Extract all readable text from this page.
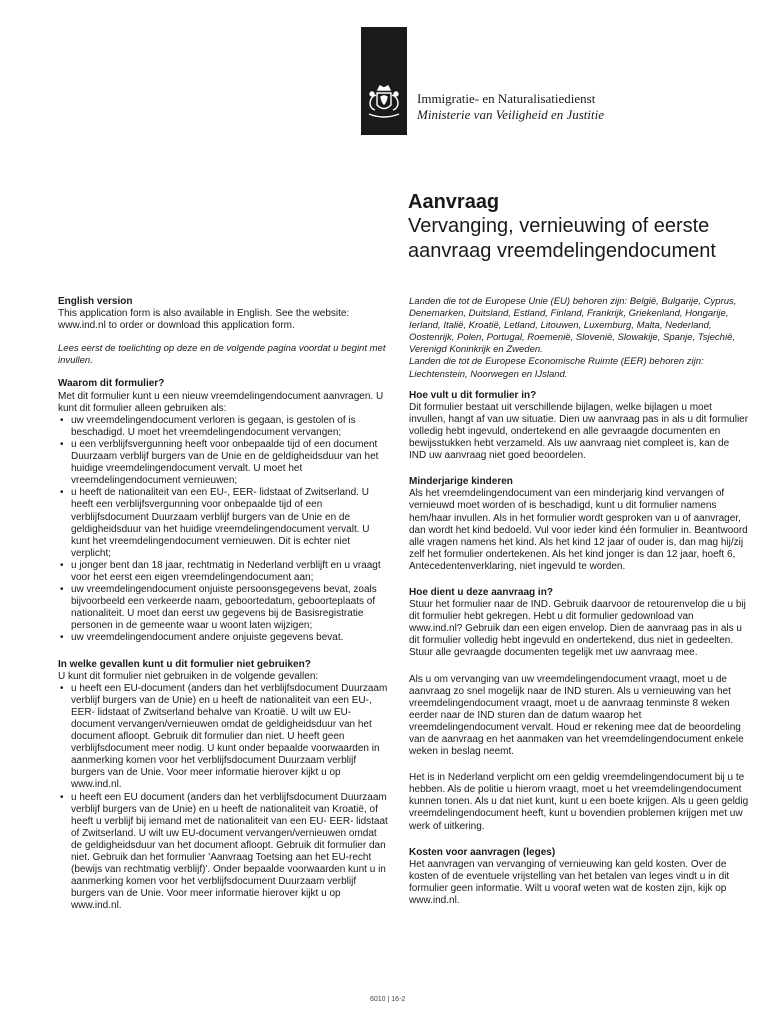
Immigratie- en Naturalisatiedienst
Ministerie van Veiligheid en Justitie
Aanvraag
Vervanging, vernieuwing of eerste aanvraag vreemdelingendocument

English version

This application form is also available in English. See the website: www.ind.nl to order or download this application form.

Lees eerst de toelichting op deze en de volgende pagina voordat u begint met invullen.

Waarom dit formulier?

Met dit formulier kunt u een nieuw vreemdelingendocument aanvragen. U kunt dit formulier alleen gebruiken als:

• uw vreemdelingendocument verloren is gegaan, is gestolen of is beschadigd. U moet het vreemdelingendocument vervangen;
• u een verblijfsvergunning heeft voor onbepaalde tijd of een document Duurzaam verblijf burgers van de Unie en de geldigheidsduur van het huidige vreemdelingendocument vervalt. U moet het vreemdelingendocument vernieuwen;
• u heeft de nationaliteit van een EU-, EER- lidstaat of Zwitserland. U heeft een verblijfsvergunning voor onbepaalde tijd of een verblijfsdocument Duurzaam verblijf burgers van de Unie en de geldigheidsduur van het huidige vreemdelingendocument vervalt. U kunt het vreemdelingendocument vernieuwen. Dit is echter niet verplicht;
• u jonger bent dan 18 jaar, rechtmatig in Nederland verblijft en u vraagt voor het eerst een eigen vreemdelingendocument aan;
• uw vreemdelingendocument onjuiste persoonsgegevens bevat, zoals bijvoorbeeld een verkeerde naam, geboortedatum, geboorteplaats of nationaliteit. U moet dan eerst uw gegevens bij de Basisregistratie personen in de gemeente waar u woont laten wijzigen;
• uw vreemdelingendocument andere onjuiste gegevens bevat.

In welke gevallen kunt u dit formulier niet gebruiken?

U kunt dit formulier niet gebruiken in de volgende gevallen:

• u heeft een EU-document (anders dan het verblijfsdocument Duurzaam verblijf burgers van de Unie) en u heeft de nationaliteit van een EU-, EER- lidstaat of Zwitserland behalve van Kroatië. U wilt uw EU-document vervangen/vernieuwen omdat de geldigheidsduur van het document afloopt. Gebruik dit formulier dan niet. U heeft geen verblijfsdocument meer nodig. U kunt onder bepaalde voorwaarden in aanmerking komen voor het verblijfsdocument Duurzaam verblijf burgers van de Unie. Voor meer informatie hierover kijkt u op www.ind.nl.
• u heeft een EU document (anders dan het verblijfsdocument Duurzaam verblijf burgers van de Unie) en u heeft de nationaliteit van Kroatië, of heeft u verblijf bij iemand met de nationaliteit van een EU- EER- lidstaat of Zwitserland. U wilt uw EU-document vervangen/vernieuwen omdat de geldigheidsduur van het document afloopt. Gebruik dit formulier dan niet. Gebruik dan het formulier 'Aanvraag Toetsing aan het EU-recht (bewijs van rechtmatig verblijf)'. Onder bepaalde voorwaarden kunt u in aanmerking komen voor het verblijfsdocument Duurzaam verblijf burgers van de Unie. Voor meer informatie hierover kijkt u op www.ind.nl.

Landen die tot de Europese Unie (EU) behoren zijn: België, Bulgarije, Cyprus, Denemarken, Duitsland, Estland, Finland, Frankrijk, Griekenland, Hongarije, Ierland, Italië, Kroatië, Letland, Litouwen, Luxemburg, Malta, Nederland, Oostenrijk, Polen, Portugal, Roemenië, Slovenië, Slowakije, Spanje, Tsjechië, Verenigd Koninkrijk en Zweden.

Landen die tot de Europese Economische Ruimte (EER) behoren zijn: Liechtenstein, Noorwegen en IJsland.

Hoe vult u dit formulier in?

Dit formulier bestaat uit verschillende bijlagen, welke bijlagen u moet invullen, hangt af van uw situatie. Dien uw aanvraag pas in als u dit formulier volledig hebt ingevuld, ondertekend en alle gevraagde documenten en bewijsstukken hebt verzameld. Als uw aanvraag niet compleet is, kan de IND uw aanvraag niet goed beoordelen.

Minderjarige kinderen

Als het vreemdelingendocument van een minderjarig kind vervangen of vernieuwd moet worden of is beschadigd, kunt u dit formulier namens hem/haar invullen. Als in het formulier wordt gesproken van u of aanvrager, dan wordt het kind bedoeld. Vul voor ieder kind één formulier in. Beantwoord alle vragen namens het kind. Als het kind 12 jaar of ouder is, dan mag hij/zij zelf het formulier ondertekenen. Als het kind jonger is dan 12 jaar, hoeft 6, Antecedentenverklaring, niet ingevuld te worden.

Hoe dient u deze aanvraag in?

Stuur het formulier naar de IND. Gebruik daarvoor de retourenvelop die u bij dit formulier hebt gekregen. Hebt u dit formulier gedownload van www.ind.nl? Gebruik dan een eigen envelop. Dien de aanvraag pas in als u dit formulier volledig hebt ingevuld en ondertekend, dus niet in gedeelten. Stuur alle gevraagde documenten tegelijk met uw aanvraag mee.

Als u om vervanging van uw vreemdelingendocument vraagt, moet u de aanvraag zo snel mogelijk naar de IND sturen. Als u vernieuwing van het vreemdelingendocument vraagt, moet u de aanvraag tenminste 8 weken eerder naar de IND sturen dan de datum waarop het vreemdelingendocument vervalt. Houd er rekening mee dat de beoordeling van de aanvraag en het aanmaken van het vreemdelingendocument enkele weken in beslag neemt.

Het is in Nederland verplicht om een geldig vreemdelingendocument bij u te hebben. Als de politie u hierom vraagt, moet u het vreemdelingendocument kunnen tonen. Als u dat niet kunt, kunt u een boete krijgen. Als u geen geldig vreemdelingendocument heeft, kunt u bovendien problemen krijgen met uw werk of uitkering.

Kosten voor aanvragen (leges)

Het aanvragen van vervanging of vernieuwing kan geld kosten. Over de kosten of de eventuele vrijstelling van het betalen van leges vindt u in dit formulier geen informatie. Wilt u vooraf weten wat de kosten zijn, kijk op www.ind.nl.

6010 | 16-2
